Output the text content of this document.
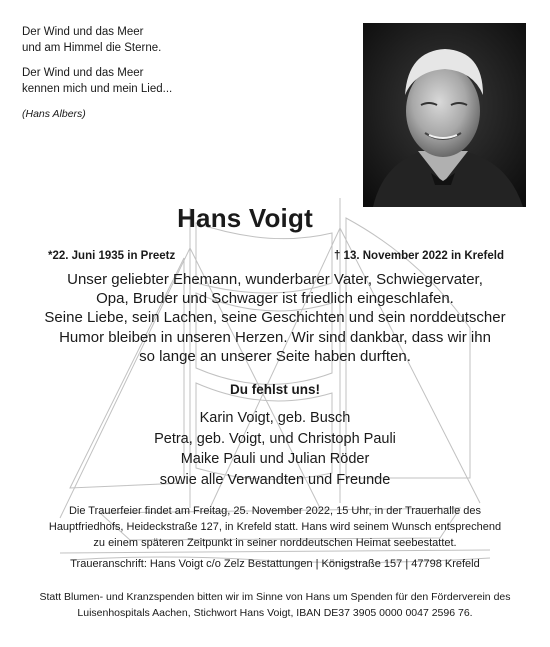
Der Wind und das Meer
und am Himmel die Sterne.
Der Wind und das Meer
kennen mich und mein Lied...
(Hans Albers)
Hans Voigt
*22. Juni 1935 in Preetz	† 13. November 2022 in Krefeld
Unser geliebter Ehemann, wunderbarer Vater, Schwiegervater,
Opa, Bruder und Schwager ist friedlich eingeschlafen.
Seine Liebe, sein Lachen, seine Geschichten und sein norddeutscher
Humor bleiben in unseren Herzen. Wir sind dankbar, dass wir ihn
so lange an unserer Seite haben durften.
Du fehlst uns!
Karin Voigt, geb. Busch
Petra, geb. Voigt, und Christoph Pauli
Maike Pauli und Julian Röder
sowie alle Verwandten und Freunde
Die Trauerfeier findet am Freitag, 25. November 2022, 15 Uhr, in der Trauerhalle des
Hauptfriedhofs, Heideckstraße 127, in Krefeld statt. Hans wird seinem Wunsch entsprechend
zu einem späteren Zeitpunkt in seiner norddeutschen Heimat seebestattet.
Traueranschrift: Hans Voigt c/o Zelz Bestattungen | Königstraße 157 | 47798 Krefeld
Statt Blumen- und Kranzspenden bitten wir im Sinne von Hans um Spenden für den Förderverein des
Luisenhospitals Aachen, Stichwort Hans Voigt, IBAN DE37 3905 0000 0047 2596 76.
